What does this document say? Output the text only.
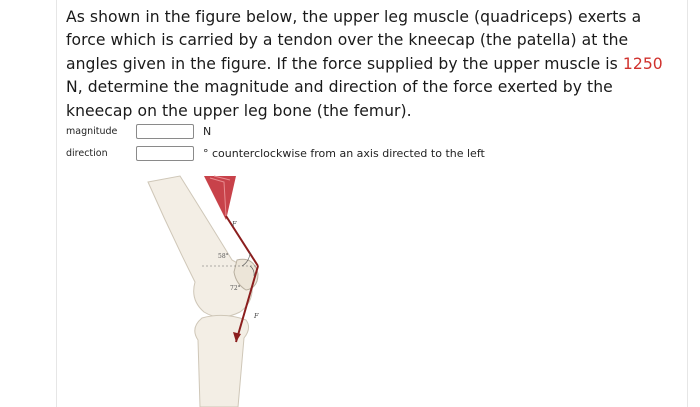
As shown in the figure below, the upper leg muscle (quadriceps) exerts a force which is carried by a tendon over the kneecap (the patella) at the angles given in the figure. If the force supplied by the upper muscle is 1250 N, determine the magnitude and direction of the force exerted by the kneecap on the upper leg bone (the femur).
magnitude	N
direction	° counterclockwise from an axis directed to the left
58°
72°
F
F
